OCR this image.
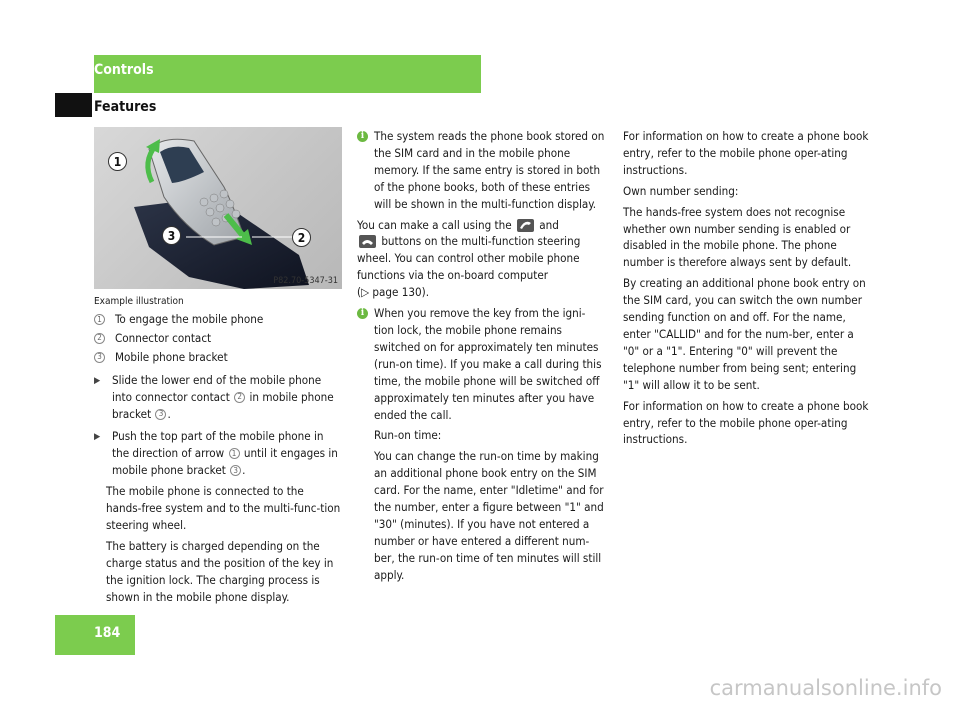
Controls
Features
1
2
3
P82.70-5347-31

Example illustration

1 To engage the mobile phone
2 Connector contact
3 Mobile phone bracket
▶	Slide the lower end of the mobile phone into connector contact 2 in mobile phone bracket 3 .
▶	Push the top part of the mobile phone in the direction of arrow 1 until it engages in mobile phone bracket 3 .

The mobile phone is connected to the hands-free system and to the multi-func-tion steering wheel.

The battery is charged depending on the charge status and the position of the key in the ignition lock. The charging process is shown in the mobile phone display.

i The system reads the phone book stored on the SIM card and in the mobile phone memory. If the same entry is stored in both of the phone books, both of these entries will be shown in the multi-function display.

You can make a call using the and

buttons on the multi-function steering wheel. You can control other mobile phone functions via the on-board computer
(▷ page 130).

i When you remove the key from the igni-tion lock, the mobile phone remains switched on for approximately ten minutes (run-on time). If you make a call during this time, the mobile phone will be switched off approximately ten minutes after you have ended the call.
Run-on time:
You can change the run-on time by making an additional phone book entry on the SIM card. For the name, enter "Idletime" and for the number, enter a figure between "1" and "30" (minutes). If you have not entered a number or have entered a different num-ber, the run-on time of ten minutes will still apply.

For information on how to create a phone book entry, refer to the mobile phone oper-ating instructions.

Own number sending:

The hands-free system does not recognise whether own number sending is enabled or disabled in the mobile phone. The phone number is therefore always sent by default.

By creating an additional phone book entry on the SIM card, you can switch the own number sending function on and off. For the name, enter "CALLID" and for the num-ber, enter a "0" or a "1". Entering "0" will prevent the telephone number from being sent; entering "1" will allow it to be sent.

For information on how to create a phone book entry, refer to the mobile phone oper-ating instructions.

184
carmanualsonline.info
